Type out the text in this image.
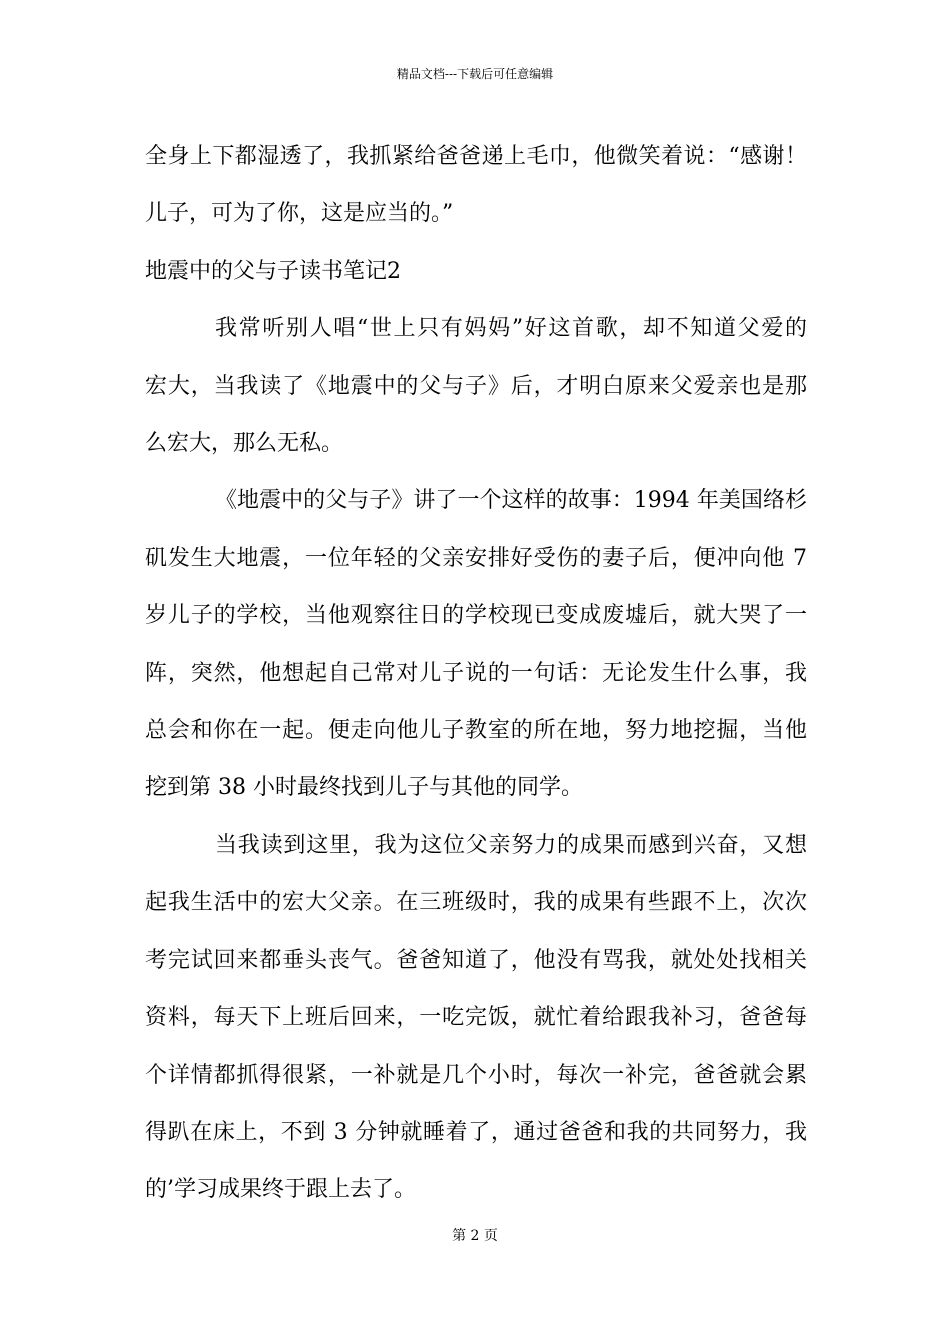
精品文档---下载后可任意编辑
全身上下都湿透了，我抓紧给爸爸递上毛巾，他微笑着说：“感谢！
儿子，可为了你，这是应当的。”
地震中的父与子读书笔记2
我常听别人唱“世上只有妈妈”好这首歌，却不知道父爱的
宏大，当我读了《地震中的父与子》后，才明白原来父爱亲也是那
么宏大，那么无私。
《地震中的父与子》讲了一个这样的故事：1994 年美国络杉
矶发生大地震，一位年轻的父亲安排好受伤的妻子后，便冲向他 7
岁儿子的学校，当他观察往日的学校现已变成废墟后，就大哭了一
阵，突然，他想起自己常对儿子说的一句话：无论发生什么事，我
总会和你在一起。便走向他儿子教室的所在地，努力地挖掘，当他
挖到第 38 小时最终找到儿子与其他的同学。
当我读到这里，我为这位父亲努力的成果而感到兴奋，又想
起我生活中的宏大父亲。在三班级时，我的成果有些跟不上，次次
考完试回来都垂头丧气。爸爸知道了，他没有骂我，就处处找相关
资料，每天下上班后回来，一吃完饭，就忙着给跟我补习，爸爸每
个详情都抓得很紧，一补就是几个小时，每次一补完，爸爸就会累
得趴在床上，不到 3 分钟就睡着了，通过爸爸和我的共同努力，我
的’学习成果终于跟上去了。
第 2 页
